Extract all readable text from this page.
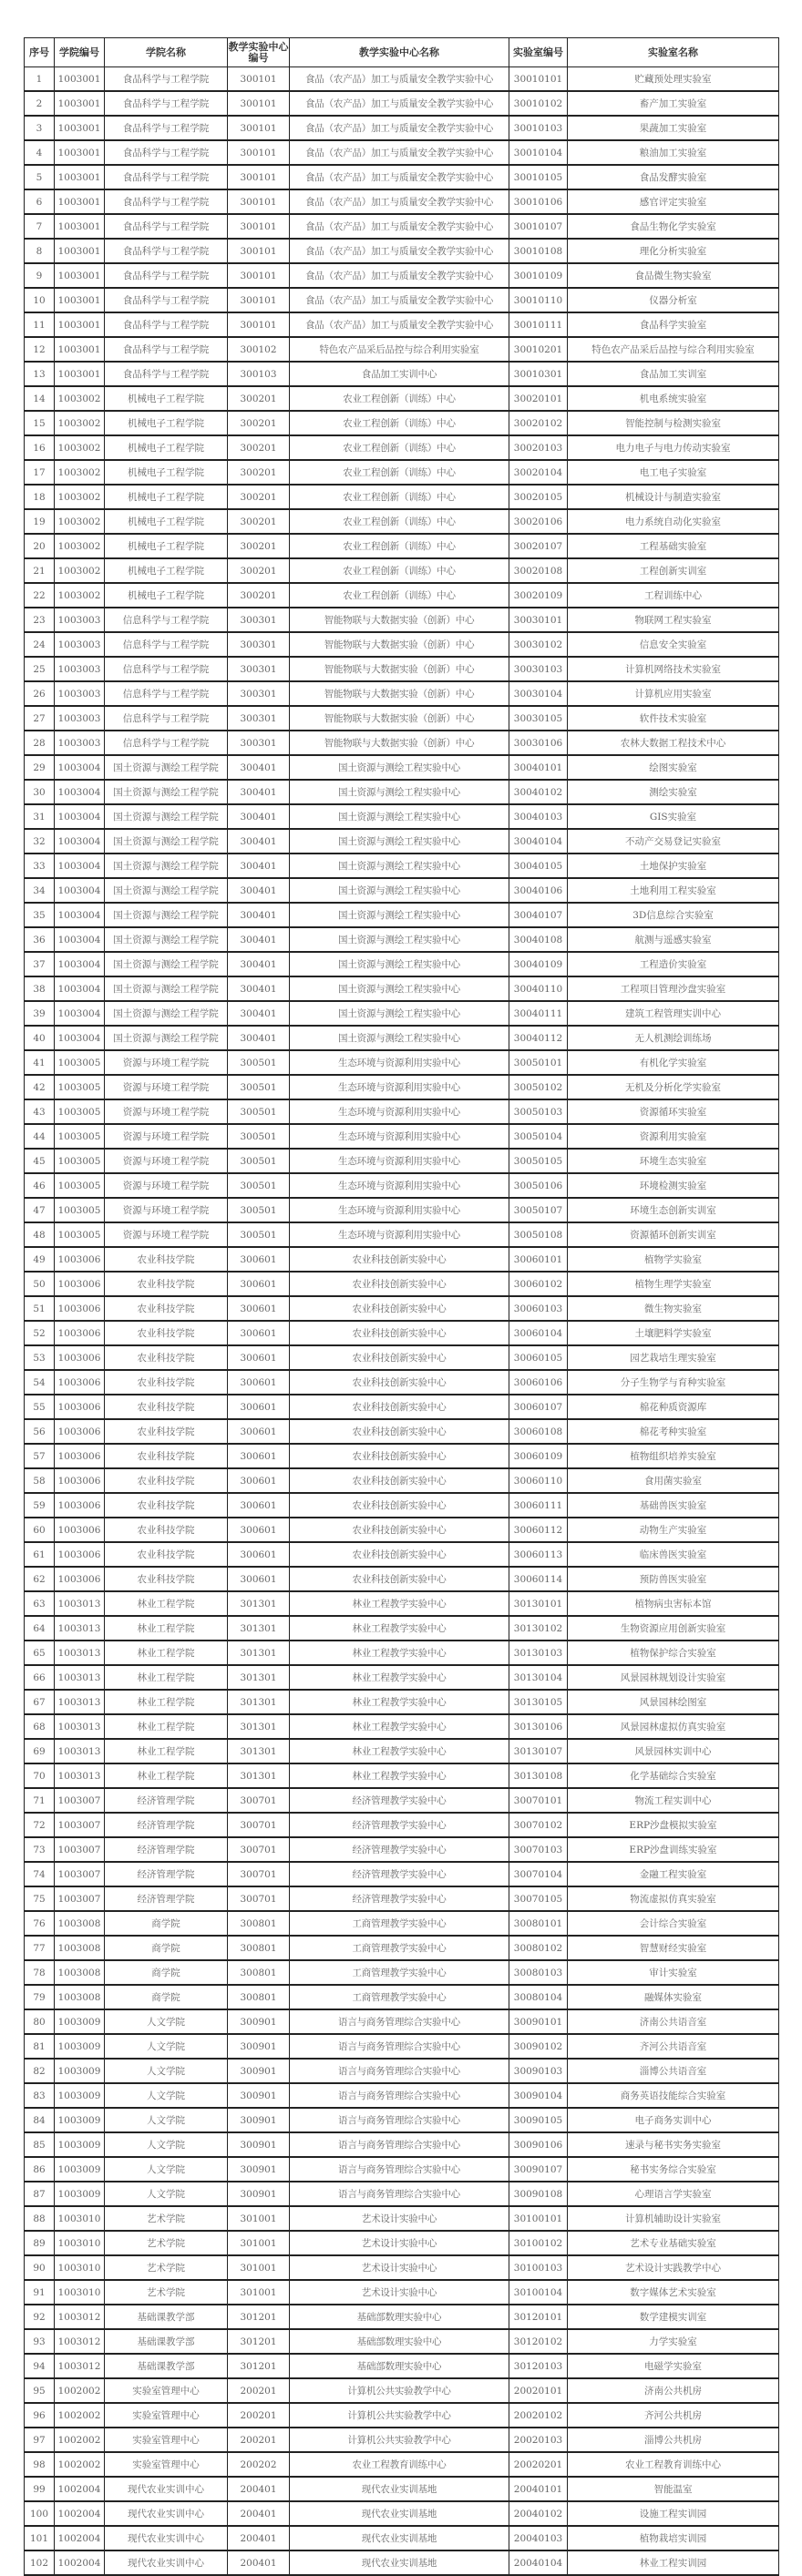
序号	学院编号	学院名称	教学实验中心编号	教学实验中心名称	实验室编号	实验室名称
1	1003001	食品科学与工程学院	300101	食品（农产品）加工与质量安全教学实验中心	30010101	贮藏预处理实验室
2	1003001	食品科学与工程学院	300101	食品（农产品）加工与质量安全教学实验中心	30010102	畜产加工实验室
3	1003001	食品科学与工程学院	300101	食品（农产品）加工与质量安全教学实验中心	30010103	果蔬加工实验室
4	1003001	食品科学与工程学院	300101	食品（农产品）加工与质量安全教学实验中心	30010104	粮油加工实验室
5	1003001	食品科学与工程学院	300101	食品（农产品）加工与质量安全教学实验中心	30010105	食品发酵实验室
6	1003001	食品科学与工程学院	300101	食品（农产品）加工与质量安全教学实验中心	30010106	感官评定实验室
7	1003001	食品科学与工程学院	300101	食品（农产品）加工与质量安全教学实验中心	30010107	食品生物化学实验室
8	1003001	食品科学与工程学院	300101	食品（农产品）加工与质量安全教学实验中心	30010108	理化分析实验室
9	1003001	食品科学与工程学院	300101	食品（农产品）加工与质量安全教学实验中心	30010109	食品微生物实验室
10	1003001	食品科学与工程学院	300101	食品（农产品）加工与质量安全教学实验中心	30010110	仪器分析室
11	1003001	食品科学与工程学院	300101	食品（农产品）加工与质量安全教学实验中心	30010111	食品科学实验室
12	1003001	食品科学与工程学院	300102	特色农产品采后品控与综合利用实验室	30010201	特色农产品采后品控与综合利用实验室
13	1003001	食品科学与工程学院	300103	食品加工实训中心	30010301	食品加工实训室
14	1003002	机械电子工程学院	300201	农业工程创新（训练）中心	30020101	机电系统实验室
15	1003002	机械电子工程学院	300201	农业工程创新（训练）中心	30020102	智能控制与检测实验室
16	1003002	机械电子工程学院	300201	农业工程创新（训练）中心	30020103	电力电子与电力传动实验室
17	1003002	机械电子工程学院	300201	农业工程创新（训练）中心	30020104	电工电子实验室
18	1003002	机械电子工程学院	300201	农业工程创新（训练）中心	30020105	机械设计与制造实验室
19	1003002	机械电子工程学院	300201	农业工程创新（训练）中心	30020106	电力系统自动化实验室
20	1003002	机械电子工程学院	300201	农业工程创新（训练）中心	30020107	工程基础实验室
21	1003002	机械电子工程学院	300201	农业工程创新（训练）中心	30020108	工程创新实训室
22	1003002	机械电子工程学院	300201	农业工程创新（训练）中心	30020109	工程训练中心
23	1003003	信息科学与工程学院	300301	智能物联与大数据实验（创新）中心	30030101	物联网工程实验室
24	1003003	信息科学与工程学院	300301	智能物联与大数据实验（创新）中心	30030102	信息安全实验室
25	1003003	信息科学与工程学院	300301	智能物联与大数据实验（创新）中心	30030103	计算机网络技术实验室
26	1003003	信息科学与工程学院	300301	智能物联与大数据实验（创新）中心	30030104	计算机应用实验室
27	1003003	信息科学与工程学院	300301	智能物联与大数据实验（创新）中心	30030105	软件技术实验室
28	1003003	信息科学与工程学院	300301	智能物联与大数据实验（创新）中心	30030106	农林大数据工程技术中心
29	1003004	国土资源与测绘工程学院	300401	国土资源与测绘工程实验中心	30040101	绘图实验室
30	1003004	国土资源与测绘工程学院	300401	国土资源与测绘工程实验中心	30040102	测绘实验室
31	1003004	国土资源与测绘工程学院	300401	国土资源与测绘工程实验中心	30040103	GIS实验室
32	1003004	国土资源与测绘工程学院	300401	国土资源与测绘工程实验中心	30040104	不动产交易登记实验室
33	1003004	国土资源与测绘工程学院	300401	国土资源与测绘工程实验中心	30040105	土地保护实验室
34	1003004	国土资源与测绘工程学院	300401	国土资源与测绘工程实验中心	30040106	土地利用工程实验室
35	1003004	国土资源与测绘工程学院	300401	国土资源与测绘工程实验中心	30040107	3D信息综合实验室
36	1003004	国土资源与测绘工程学院	300401	国土资源与测绘工程实验中心	30040108	航测与遥感实验室
37	1003004	国土资源与测绘工程学院	300401	国土资源与测绘工程实验中心	30040109	工程造价实验室
38	1003004	国土资源与测绘工程学院	300401	国土资源与测绘工程实验中心	30040110	工程项目管理沙盘实验室
39	1003004	国土资源与测绘工程学院	300401	国土资源与测绘工程实验中心	30040111	建筑工程管理实训中心
40	1003004	国土资源与测绘工程学院	300401	国土资源与测绘工程实验中心	30040112	无人机测绘训练场
41	1003005	资源与环境工程学院	300501	生态环境与资源利用实验中心	30050101	有机化学实验室
42	1003005	资源与环境工程学院	300501	生态环境与资源利用实验中心	30050102	无机及分析化学实验室
43	1003005	资源与环境工程学院	300501	生态环境与资源利用实验中心	30050103	资源循环实验室
44	1003005	资源与环境工程学院	300501	生态环境与资源利用实验中心	30050104	资源利用实验室
45	1003005	资源与环境工程学院	300501	生态环境与资源利用实验中心	30050105	环境生态实验室
46	1003005	资源与环境工程学院	300501	生态环境与资源利用实验中心	30050106	环境检测实验室
47	1003005	资源与环境工程学院	300501	生态环境与资源利用实验中心	30050107	环境生态创新实训室
48	1003005	资源与环境工程学院	300501	生态环境与资源利用实验中心	30050108	资源循环创新实训室
49	1003006	农业科技学院	300601	农业科技创新实验中心	30060101	植物学实验室
50	1003006	农业科技学院	300601	农业科技创新实验中心	30060102	植物生理学实验室
51	1003006	农业科技学院	300601	农业科技创新实验中心	30060103	微生物实验室
52	1003006	农业科技学院	300601	农业科技创新实验中心	30060104	土壤肥料学实验室
53	1003006	农业科技学院	300601	农业科技创新实验中心	30060105	园艺栽培生理实验室
54	1003006	农业科技学院	300601	农业科技创新实验中心	30060106	分子生物学与育种实验室
55	1003006	农业科技学院	300601	农业科技创新实验中心	30060107	棉花种质资源库
56	1003006	农业科技学院	300601	农业科技创新实验中心	30060108	棉花考种实验室
57	1003006	农业科技学院	300601	农业科技创新实验中心	30060109	植物组织培养实验室
58	1003006	农业科技学院	300601	农业科技创新实验中心	30060110	食用菌实验室
59	1003006	农业科技学院	300601	农业科技创新实验中心	30060111	基础兽医实验室
60	1003006	农业科技学院	300601	农业科技创新实验中心	30060112	动物生产实验室
61	1003006	农业科技学院	300601	农业科技创新实验中心	30060113	临床兽医实验室
62	1003006	农业科技学院	300601	农业科技创新实验中心	30060114	预防兽医实验室
63	1003013	林业工程学院	301301	林业工程教学实验中心	30130101	植物病虫害标本馆
64	1003013	林业工程学院	301301	林业工程教学实验中心	30130102	生物资源应用创新实验室
65	1003013	林业工程学院	301301	林业工程教学实验中心	30130103	植物保护综合实验室
66	1003013	林业工程学院	301301	林业工程教学实验中心	30130104	风景园林规划设计实验室
67	1003013	林业工程学院	301301	林业工程教学实验中心	30130105	风景园林绘图室
68	1003013	林业工程学院	301301	林业工程教学实验中心	30130106	风景园林虚拟仿真实验室
69	1003013	林业工程学院	301301	林业工程教学实验中心	30130107	风景园林实训中心
70	1003013	林业工程学院	301301	林业工程教学实验中心	30130108	化学基础综合实验室
71	1003007	经济管理学院	300701	经济管理教学实验中心	30070101	物流工程实训中心
72	1003007	经济管理学院	300701	经济管理教学实验中心	30070102	ERP沙盘模拟实验室
73	1003007	经济管理学院	300701	经济管理教学实验中心	30070103	ERP沙盘训练实验室
74	1003007	经济管理学院	300701	经济管理教学实验中心	30070104	金融工程实验室
75	1003007	经济管理学院	300701	经济管理教学实验中心	30070105	物流虚拟仿真实验室
76	1003008	商学院	300801	工商管理教学实验中心	30080101	会计综合实验室
77	1003008	商学院	300801	工商管理教学实验中心	30080102	智慧财经实验室
78	1003008	商学院	300801	工商管理教学实验中心	30080103	审计实验室
79	1003008	商学院	300801	工商管理教学实验中心	30080104	融媒体实验室
80	1003009	人文学院	300901	语言与商务管理综合实验中心	30090101	济南公共语音室
81	1003009	人文学院	300901	语言与商务管理综合实验中心	30090102	齐河公共语音室
82	1003009	人文学院	300901	语言与商务管理综合实验中心	30090103	淄博公共语音室
83	1003009	人文学院	300901	语言与商务管理综合实验中心	30090104	商务英语技能综合实验室
84	1003009	人文学院	300901	语言与商务管理综合实验中心	30090105	电子商务实训中心
85	1003009	人文学院	300901	语言与商务管理综合实验中心	30090106	速录与秘书实务实验室
86	1003009	人文学院	300901	语言与商务管理综合实验中心	30090107	秘书实务综合实验室
87	1003009	人文学院	300901	语言与商务管理综合实验中心	30090108	心理语言学实验室
88	1003010	艺术学院	301001	艺术设计实验中心	30100101	计算机辅助设计实验室
89	1003010	艺术学院	301001	艺术设计实验中心	30100102	艺术专业基础实验室
90	1003010	艺术学院	301001	艺术设计实验中心	30100103	艺术设计实践教学中心
91	1003010	艺术学院	301001	艺术设计实验中心	30100104	数字媒体艺术实验室
92	1003012	基础课教学部	301201	基础部数理实验中心	30120101	数学建模实训室
93	1003012	基础课教学部	301201	基础部数理实验中心	30120102	力学实验室
94	1003012	基础课教学部	301201	基础部数理实验中心	30120103	电磁学实验室
95	1002002	实验室管理中心	200201	计算机公共实验教学中心	20020101	济南公共机房
96	1002002	实验室管理中心	200201	计算机公共实验教学中心	20020102	齐河公共机房
97	1002002	实验室管理中心	200201	计算机公共实验教学中心	20020103	淄博公共机房
98	1002002	实验室管理中心	200202	农业工程教育训练中心	20020201	农业工程教育训练中心
99	1002004	现代农业实训中心	200401	现代农业实训基地	20040101	智能温室
100	1002004	现代农业实训中心	200401	现代农业实训基地	20040102	设施工程实训园
101	1002004	现代农业实训中心	200401	现代农业实训基地	20040103	植物栽培实训园
102	1002004	现代农业实训中心	200401	现代农业实训基地	20040104	林业工程实训园
